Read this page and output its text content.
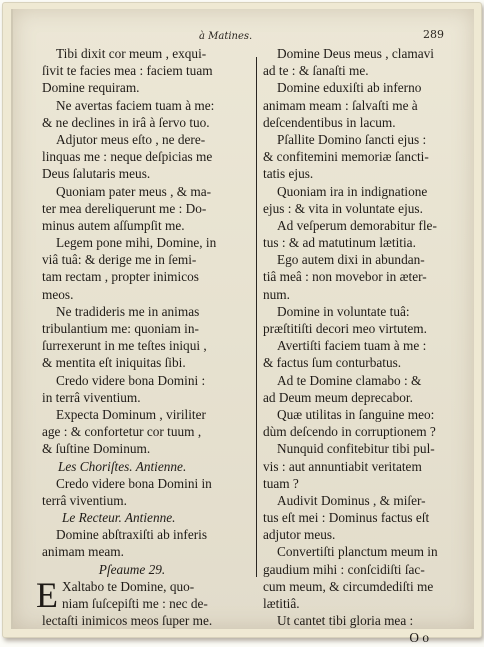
à Matines.	289
Tibi dixit cor meum , exqui-
ſivit te facies mea : faciem tuam
Domine requiram.
Ne avertas faciem tuam à me:
& ne declines in irâ à ſervo tuo.
Adjutor meus eſto , ne dere-
linquas me : neque deſpicias me
Deus ſalutaris meus.
Quoniam pater meus , & ma-
ter mea dereliquerunt me : Do-
minus autem aſſumpſit me.
Legem pone mihi, Domine, in
viâ tuâ: & derige me in ſemi-
tam rectam , propter inimicos
meos.
Ne tradideris me in animas
tribulantium me: quoniam in-
ſurrexerunt in me teſtes iniqui ,
& mentita eſt iniquitas ſibi.
Credo videre bona Domini :
in terrâ viventium.
Expecta Dominum , viriliter
age : & confortetur cor tuum ,
& ſuſtine Dominum.
Les Choriſtes. Antienne.
Credo videre bona Domini in
terrâ viventium.
Le Recteur. Antienne.
Domine abſtraxiſti ab inferis
animam meam.
Pſeaume 29.
E Xaltabo te Domine, quo-
niam ſuſcepiſti me : nec de-
lectaſti inimicos meos ſuper me.
Domine Deus meus , clamavi
ad te : & ſanaſti me.
Domine eduxiſti ab inferno
animam meam : ſalvaſti me à
deſcendentibus in lacum.
Pſallite Domino ſancti ejus :
& confitemini memoriæ ſancti-
tatis ejus.
Quoniam ira in indignatione
ejus : & vita in voluntate ejus.
Ad veſperum demorabitur fle-
tus : & ad matutinum lætitia.
Ego autem dixi in abundan-
tiâ meâ : non movebor in æter-
num.
Domine in voluntate tuâ:
præſtitiſti decori meo virtutem.
Avertiſti faciem tuam à me :
& factus ſum conturbatus.
Ad te Domine clamabo : &
ad Deum meum deprecabor.
Quæ utilitas in ſanguine meo:
dùm deſcendo in corruptionem ?
Nunquid confitebitur tibi pul-
vis : aut annuntiabit veritatem
tuam ?
Audivit Dominus , & miſer-
tus eſt mei : Dominus factus eſt
adjutor meus.
Convertiſti planctum meum in
gaudium mihi : conſcidiſti ſac-
cum meum, & circumdediſti me
lætitiâ.
Ut cantet tibi gloria mea :
O o
